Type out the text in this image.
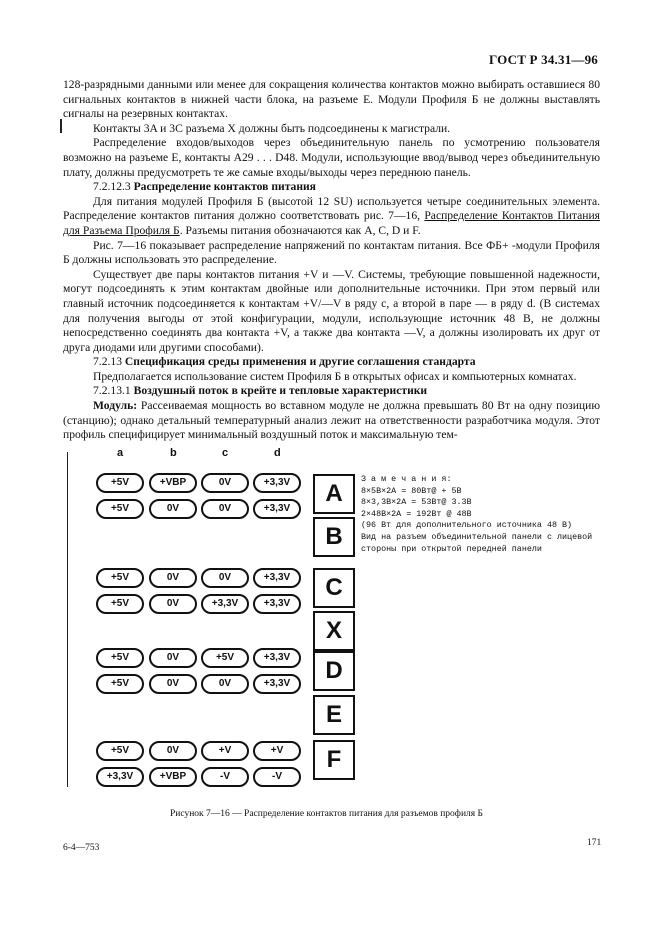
ГОСТ Р 34.31—96

128-разрядными данными или менее для сокращения количества контактов можно выбирать оставшиеся 80 сигнальных контактов в нижней части блока, на разъеме E. Модули Профиля Б не должны выставлять сигналы на резервных контактах.

Контакты 3A и 3C разъема X должны быть подсоединены к магистрали.

Распределение входов/выходов через объединительную панель по усмотрению пользователя возможно на разъеме E, контакты A29 . . . D48. Модули, использующие ввод/вывод через объединительную плату, должны предусмотреть те же самые входы/выходы через переднюю панель.

7.2.12.3 Распределение контактов питания

Для питания модулей Профиля Б (высотой 12 SU) используется четыре соединительных элемента. Распределение контактов питания должно соответствовать рис. 7—16, Распределение Контактов Питания для Разъема Профиля Б. Разъемы питания обозначаются как A, C, D и F.

Рис. 7—16 показывает распределение напряжений по контактам питания. Все ФБ+ -модули Профиля Б должны использовать это распределение.

Существует две пары контактов питания +V и —V. Системы, требующие повышенной надежности, могут подсоединять к этим контактам двойные или дополнительные источники. При этом первый или главный источник подсоединяется к контактам +V/—V в ряду c, а второй в паре — в ряду d. (В системах для получения выгоды от этой конфигурации, модули, использующие источник 48 В, не должны непосредственно соединять два контакта +V, а также два контакта —V, а должны изолировать их друг от друга диодами или другими способами).

7.2.13 Спецификация среды применения и другие соглашения стандарта

Предполагается использование систем Профиля Б в открытых офисах и компьютерных комнатах.

7.2.13.1 Воздушный поток в крейте и тепловые характеристики

Модуль: Рассеиваемая мощность во вставном модуле не должна превышать 80 Вт на одну позицию (станцию); однако детальный температурный анализ лежит на ответственности разработчика модуля. Этот профиль специфицирует минимальный воздушный поток и максимальную тем-

a	b	c	d
+5V	+VBP	0V	+3,3V
+5V	0V	0V	+3,3V
+5V	0V	0V	+3,3V
+5V	0V	+3,3V	+3,3V
+5V	0V	+5V	+3,3V
+5V	0V	0V	+3,3V
+5V	0V	+V	+V
+3,3V	+VBP	-V	-V
A
B
C
X
D
E
F
З а м е ч а н и я:
8×5B×2A = 80Bт@ + 5B
8×3,3B×2A = 53Bт@ 3.3B
2×48B×2A = 192Bт @ 48B
(96 Вт для дополнительного источника 48 В)
Вид на разъем объединительной панели с лицевой
стороны при открытой передней панели
Рисунок 7—16 — Распределение контактов питания для разъемов профиля Б
6-4—753	171
